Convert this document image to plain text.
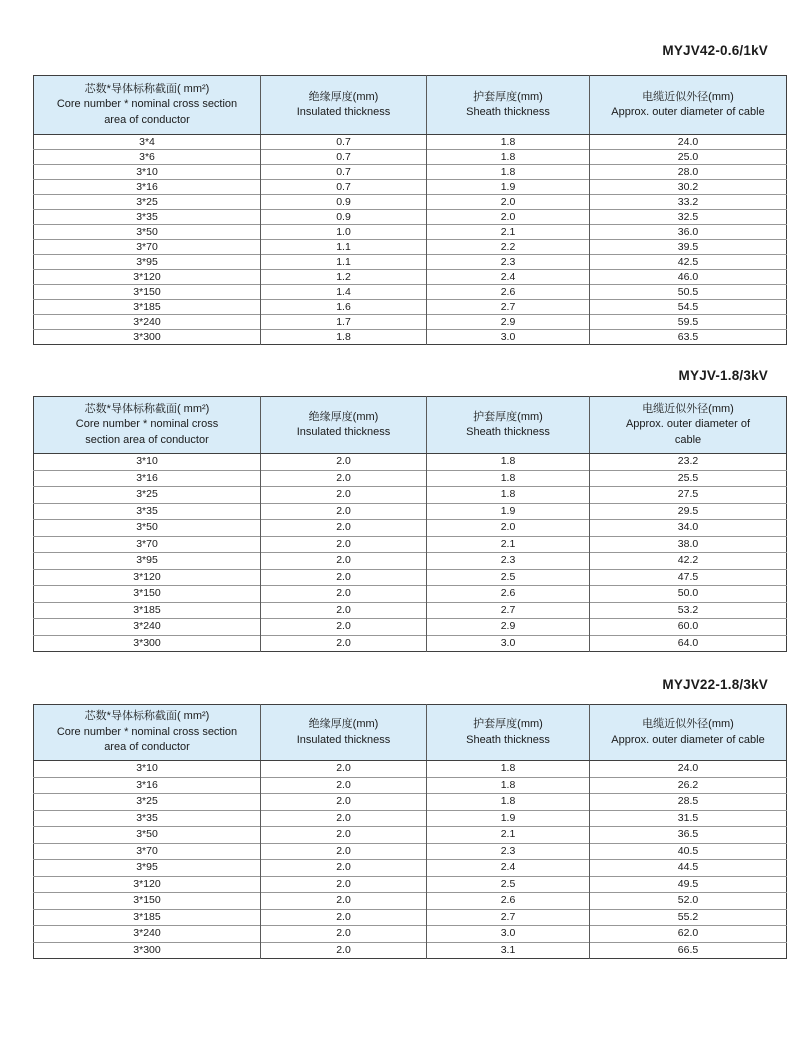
MYJV42-0.6/1kV
芯数*导体标称截面( mm²)
Core number * nominal cross section
area of conductor

绝缘厚度(mm)
Insulated thickness

护套厚度(mm)
Sheath thickness

电缆近似外径(mm)
Approx. outer diameter of cable

3*4	0.7	1.8	24.0
3*6	0.7	1.8	25.0
3*10	0.7	1.8	28.0
3*16	0.7	1.9	30.2
3*25	0.9	2.0	33.2
3*35	0.9	2.0	32.5
3*50	1.0	2.1	36.0
3*70	1.1	2.2	39.5
3*95	1.1	2.3	42.5
3*120	1.2	2.4	46.0
3*150	1.4	2.6	50.5
3*185	1.6	2.7	54.5
3*240	1.7	2.9	59.5
3*300	1.8	3.0	63.5
MYJV-1.8/3kV
芯数*导体标称截面( mm²)
Core number * nominal cross
section area of conductor

绝缘厚度(mm)
Insulated thickness

护套厚度(mm)
Sheath thickness

电缆近似外径(mm)
Approx. outer diameter of
cable

3*10	2.0	1.8	23.2
3*16	2.0	1.8	25.5
3*25	2.0	1.8	27.5
3*35	2.0	1.9	29.5
3*50	2.0	2.0	34.0
3*70	2.0	2.1	38.0
3*95	2.0	2.3	42.2
3*120	2.0	2.5	47.5
3*150	2.0	2.6	50.0
3*185	2.0	2.7	53.2
3*240	2.0	2.9	60.0
3*300	2.0	3.0	64.0
MYJV22-1.8/3kV
芯数*导体标称截面( mm²)
Core number * nominal cross section
area of conductor

绝缘厚度(mm)
Insulated thickness

护套厚度(mm)
Sheath thickness

电缆近似外径(mm)
Approx. outer diameter of cable

3*10	2.0	1.8	24.0
3*16	2.0	1.8	26.2
3*25	2.0	1.8	28.5
3*35	2.0	1.9	31.5
3*50	2.0	2.1	36.5
3*70	2.0	2.3	40.5
3*95	2.0	2.4	44.5
3*120	2.0	2.5	49.5
3*150	2.0	2.6	52.0
3*185	2.0	2.7	55.2
3*240	2.0	3.0	62.0
3*300	2.0	3.1	66.5
